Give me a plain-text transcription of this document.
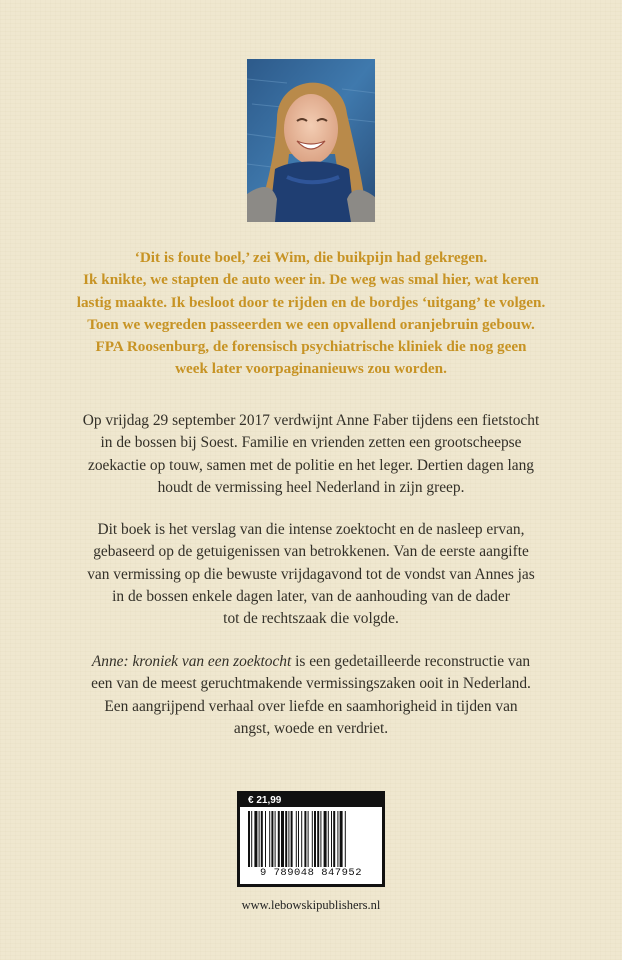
‘Dit is foute boel,’ zei Wim, die buikpijn had gekregen.
Ik knikte, we stapten de auto weer in. De weg was smal hier, wat keren
lastig maakte. Ik besloot door te rijden en de bordjes ‘uitgang’ te volgen.
Toen we wegreden passeerden we een opvallend oranjebruin gebouw.
FPA Roosenburg, de forensisch psychiatrische kliniek die nog geen
week later voorpaginanieuws zou worden.
Op vrijdag 29 september 2017 verdwijnt Anne Faber tijdens een fietstocht
in de bossen bij Soest. Familie en vrienden zetten een grootscheepse
zoekactie op touw, samen met de politie en het leger. Dertien dagen lang
houdt de vermissing heel Nederland in zijn greep.
Dit boek is het verslag van die intense zoektocht en de nasleep ervan,
gebaseerd op de getuigenissen van betrokkenen. Van de eerste aangifte
van vermissing op die bewuste vrijdagavond tot de vondst van Annes jas
in de bossen enkele dagen later, van de aanhouding van de dader
tot de rechtszaak die volgde.
Anne: kroniek van een zoektocht is een gedetailleerde reconstructie van
een van de meest geruchtmakende vermissingszaken ooit in Nederland.
Een aangrijpend verhaal over liefde en saamhorigheid in tijden van
angst, woede en verdriet.
€ 21,99
9 789048 847952
www.lebowskipublishers.nl
